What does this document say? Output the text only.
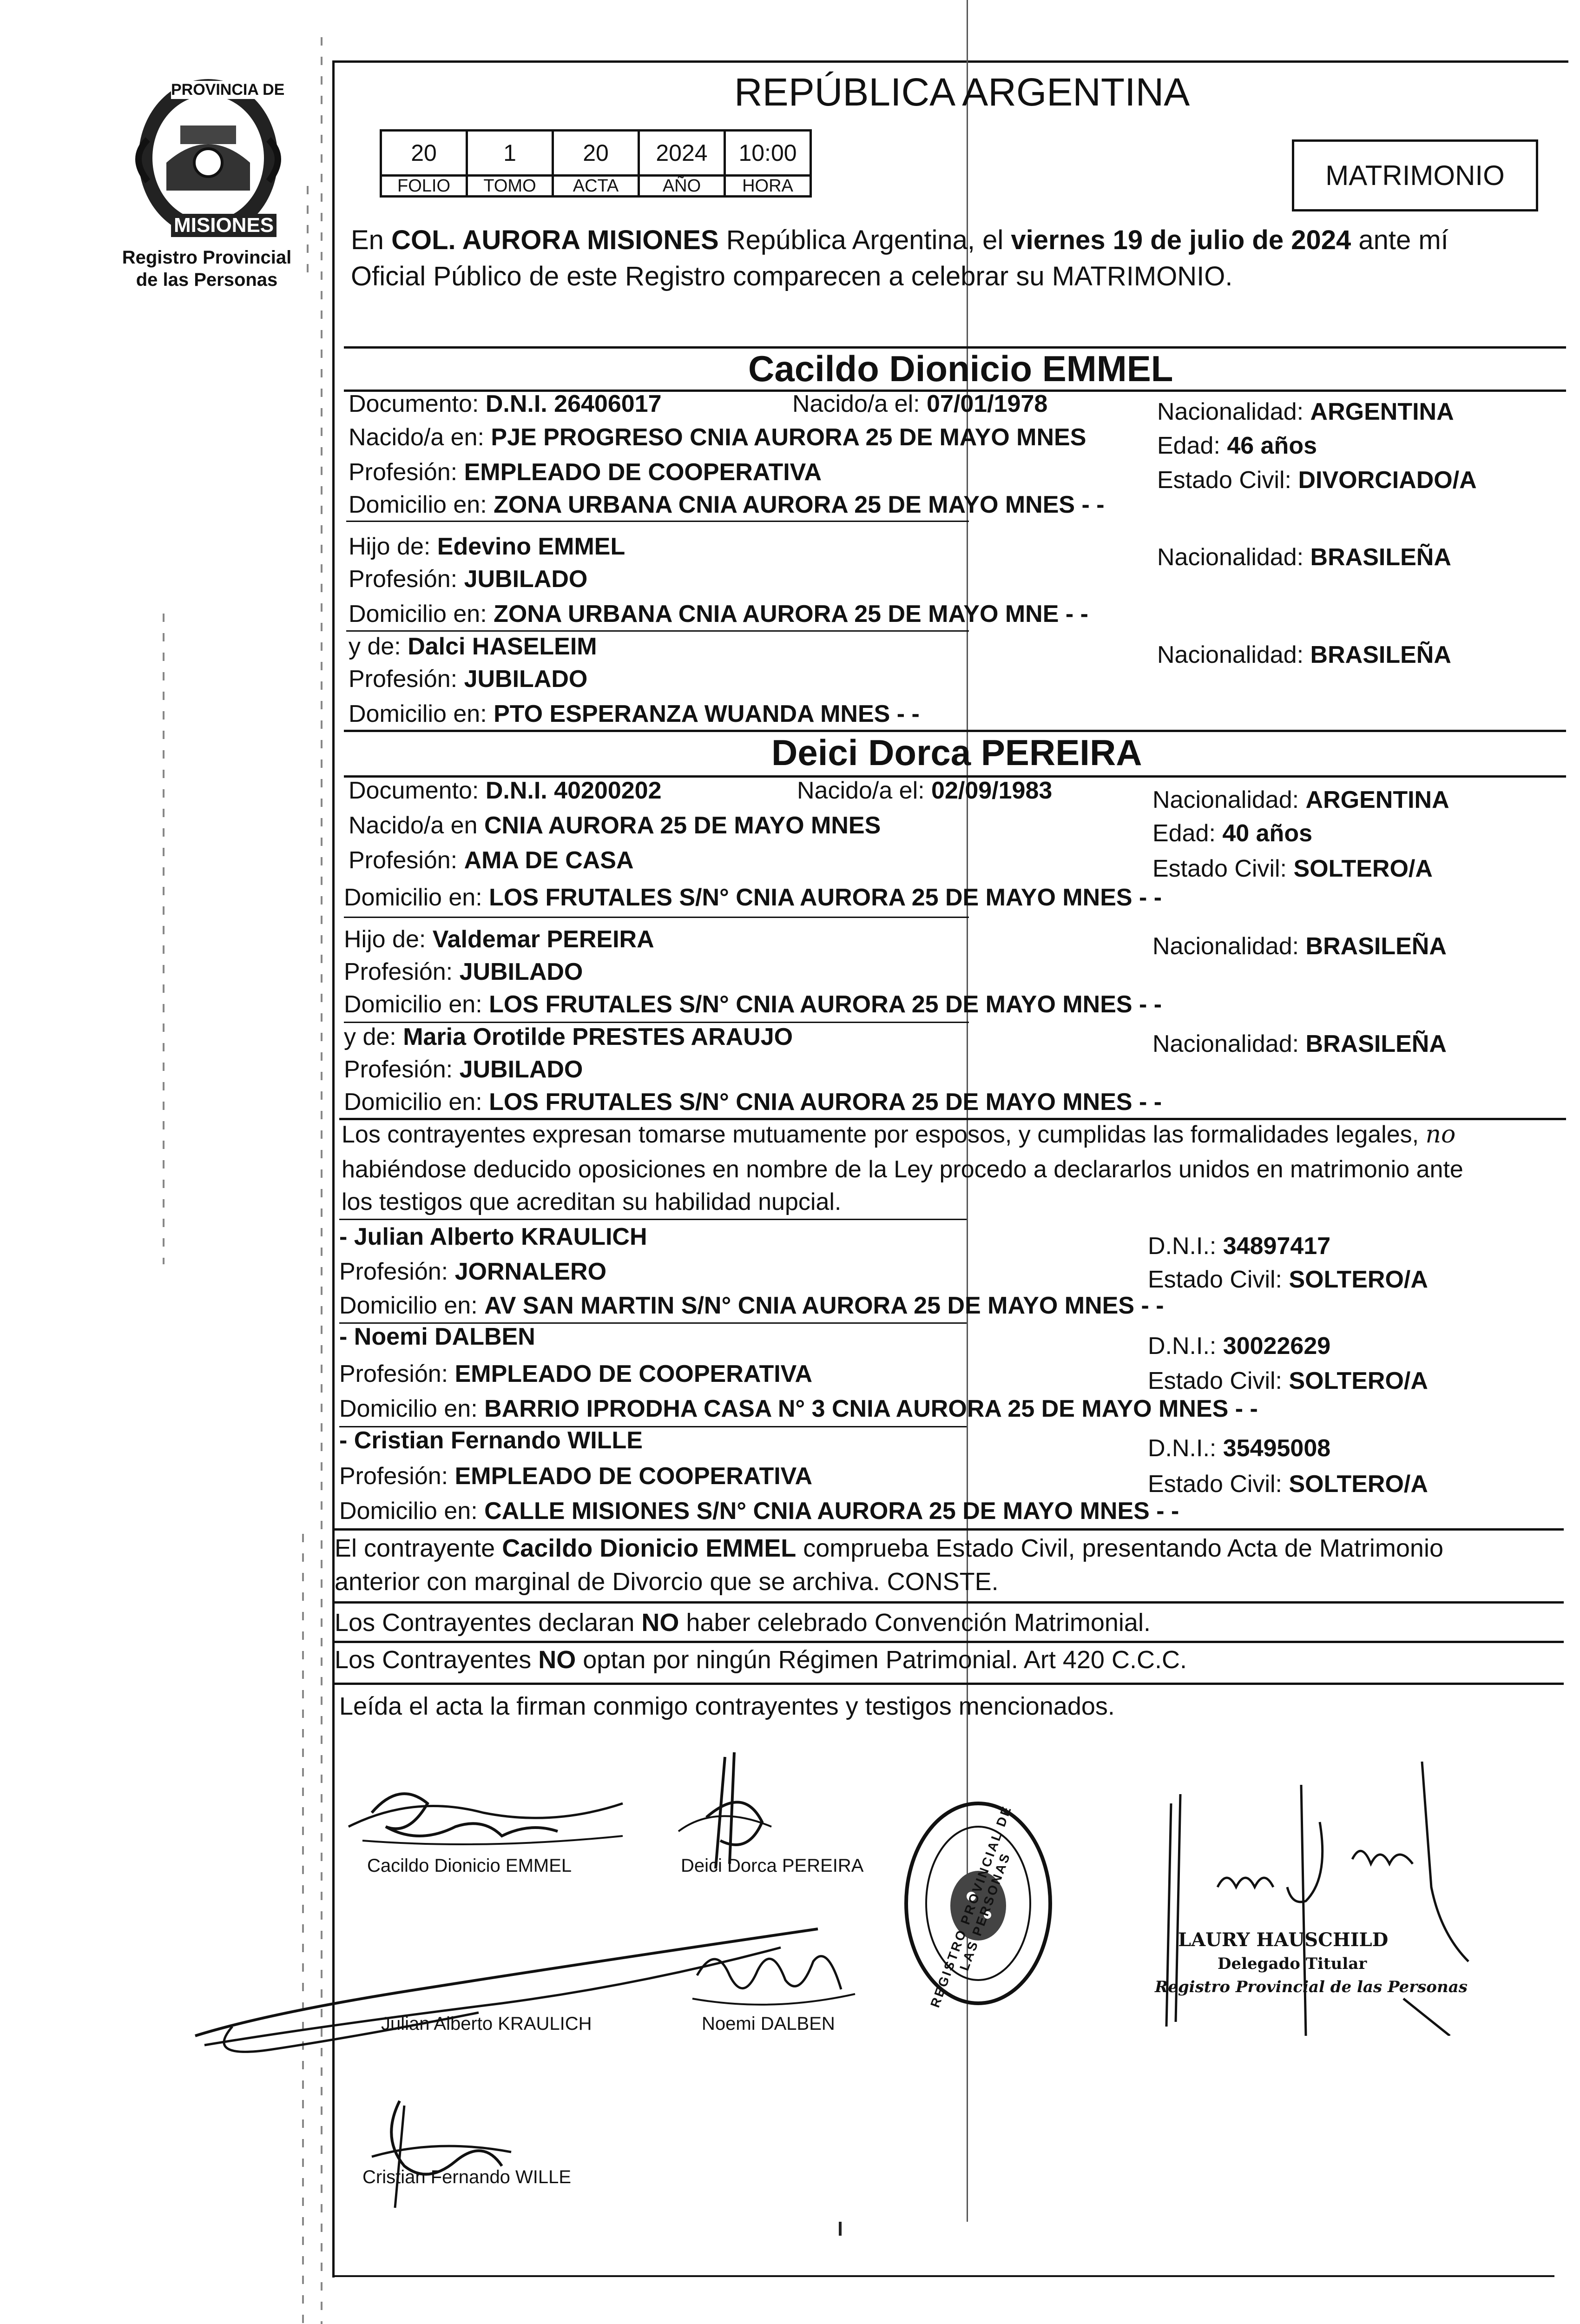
PROVINCIA DE
MISIONES
Registro Provincial
de las Personas
REPÚBLICA ARGENTINA
20	1	20	2024	10:00
FOLIO	TOMO	ACTA	AÑO	HORA	MATRIMONIO
En COL. AURORA MISIONES República Argentina, el viernes 19 de julio de 2024 ante mí
Oficial Público de este Registro comparecen a celebrar su MATRIMONIO.
Cacildo Dionicio EMMEL
Documento: D.N.I. 26406017	Nacido/a el: 07/01/1978	Nacionalidad: ARGENTINA
Nacido/a en: PJE PROGRESO CNIA AURORA 25 DE MAYO MNES	Edad: 46 años
Profesión: EMPLEADO DE COOPERATIVA	Estado Civil: DIVORCIADO/A
Domicilio en: ZONA URBANA CNIA AURORA 25 DE MAYO MNES - -
Hijo de: Edevino EMMEL	Nacionalidad: BRASILEÑA
Profesión: JUBILADO
Domicilio en: ZONA URBANA CNIA AURORA 25 DE MAYO MNE - -
y de: Dalci HASELEIM	Nacionalidad: BRASILEÑA
Profesión: JUBILADO
Domicilio en: PTO ESPERANZA WUANDA MNES - -
Deici Dorca PEREIRA
Documento: D.N.I. 40200202	Nacido/a el: 02/09/1983	Nacionalidad: ARGENTINA
Nacido/a en CNIA AURORA 25 DE MAYO MNES	Edad: 40 años
Profesión: AMA DE CASA	Estado Civil: SOLTERO/A
Domicilio en: LOS FRUTALES S/N° CNIA AURORA 25 DE MAYO MNES - -
Hijo de: Valdemar PEREIRA	Nacionalidad: BRASILEÑA
Profesión: JUBILADO
Domicilio en: LOS FRUTALES S/N° CNIA AURORA 25 DE MAYO MNES - -
y de: Maria Orotilde PRESTES ARAUJO	Nacionalidad: BRASILEÑA
Profesión: JUBILADO
Domicilio en: LOS FRUTALES S/N° CNIA AURORA 25 DE MAYO MNES - -
Los contrayentes expresan tomarse mutuamente por esposos, y cumplidas las formalidades legales, no
habiéndose deducido oposiciones en nombre de la Ley procedo a declararlos unidos en matrimonio ante
los testigos que acreditan su habilidad nupcial.
- Julian Alberto KRAULICH	D.N.I.: 34897417
Profesión: JORNALERO	Estado Civil: SOLTERO/A
Domicilio en: AV SAN MARTIN S/N° CNIA AURORA 25 DE MAYO MNES - -
- Noemi DALBEN	D.N.I.: 30022629
Profesión: EMPLEADO DE COOPERATIVA	Estado Civil: SOLTERO/A
Domicilio en: BARRIO IPRODHA CASA N° 3 CNIA AURORA 25 DE MAYO MNES - -
- Cristian Fernando WILLE	D.N.I.: 35495008
Profesión: EMPLEADO DE COOPERATIVA	Estado Civil: SOLTERO/A
Domicilio en: CALLE MISIONES S/N° CNIA AURORA 25 DE MAYO MNES - -
El contrayente Cacildo Dionicio EMMEL comprueba Estado Civil, presentando Acta de Matrimonio
anterior con marginal de Divorcio que se archiva. CONSTE.
Los Contrayentes declaran NO haber celebrado Convención Matrimonial.
Los Contrayentes NO optan por ningún Régimen Patrimonial. Art 420 C.C.C.
Leída el acta la firman conmigo contrayentes y testigos mencionados.
Cacildo Dionicio EMMEL	Deici Dorca PEREIRA
Julian Alberto KRAULICH	Noemi DALBEN
Cristian Fernando WILLE
REGISTRO PROVINCIAL DE LAS PERSONAS	LAURY HAUSCHILD
Delegado Titular
Registro Provincial de las Personas
